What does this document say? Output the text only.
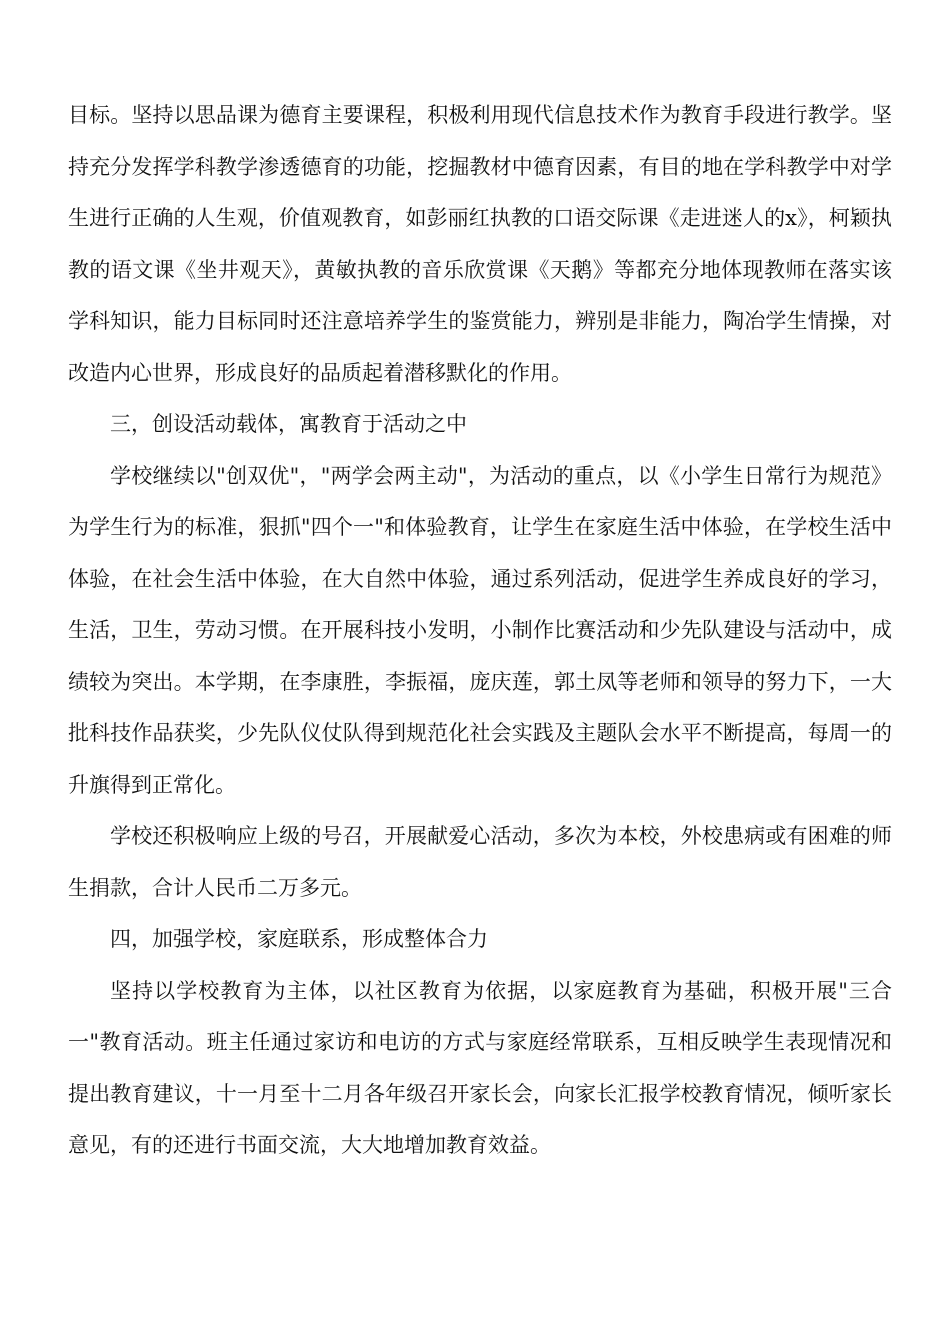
目标。坚持以思品课为德育主要课程，积极利用现代信息技术作为教育手段进行教学。坚持充分发挥学科教学渗透德育的功能，挖掘教材中德育因素，有目的地在学科教学中对学生进行正确的人生观，价值观教育，如彭丽红执教的口语交际课《走进迷人的x》，柯颖执教的语文课《坐井观天》，黄敏执教的音乐欣赏课《天鹅》等都充分地体现教师在落实该学科知识，能力目标同时还注意培养学生的鉴赏能力，辨别是非能力，陶冶学生情操，对改造内心世界，形成良好的品质起着潜移默化的作用。

三，创设活动载体，寓教育于活动之中

学校继续以"创双优"，"两学会两主动"，为活动的重点，以《小学生日常行为规范》为学生行为的标准，狠抓"四个一"和体验教育，让学生在家庭生活中体验，在学校生活中体验，在社会生活中体验，在大自然中体验，通过系列活动，促进学生养成良好的学习，生活，卫生，劳动习惯。在开展科技小发明，小制作比赛活动和少先队建设与活动中，成绩较为突出。本学期，在李康胜，李振福，庞庆莲，郭土凤等老师和领导的努力下，一大批科技作品获奖，少先队仪仗队得到规范化社会实践及主题队会水平不断提高，每周一的升旗得到正常化。

学校还积极响应上级的号召，开展献爱心活动，多次为本校，外校患病或有困难的师生捐款，合计人民币二万多元。

四，加强学校，家庭联系，形成整体合力

坚持以学校教育为主体，以社区教育为依据，以家庭教育为基础，积极开展"三合一"教育活动。班主任通过家访和电访的方式与家庭经常联系，互相反映学生表现情况和提出教育建议，十一月至十二月各年级召开家长会，向家长汇报学校教育情况，倾听家长意见，有的还进行书面交流，大大地增加教育效益。
